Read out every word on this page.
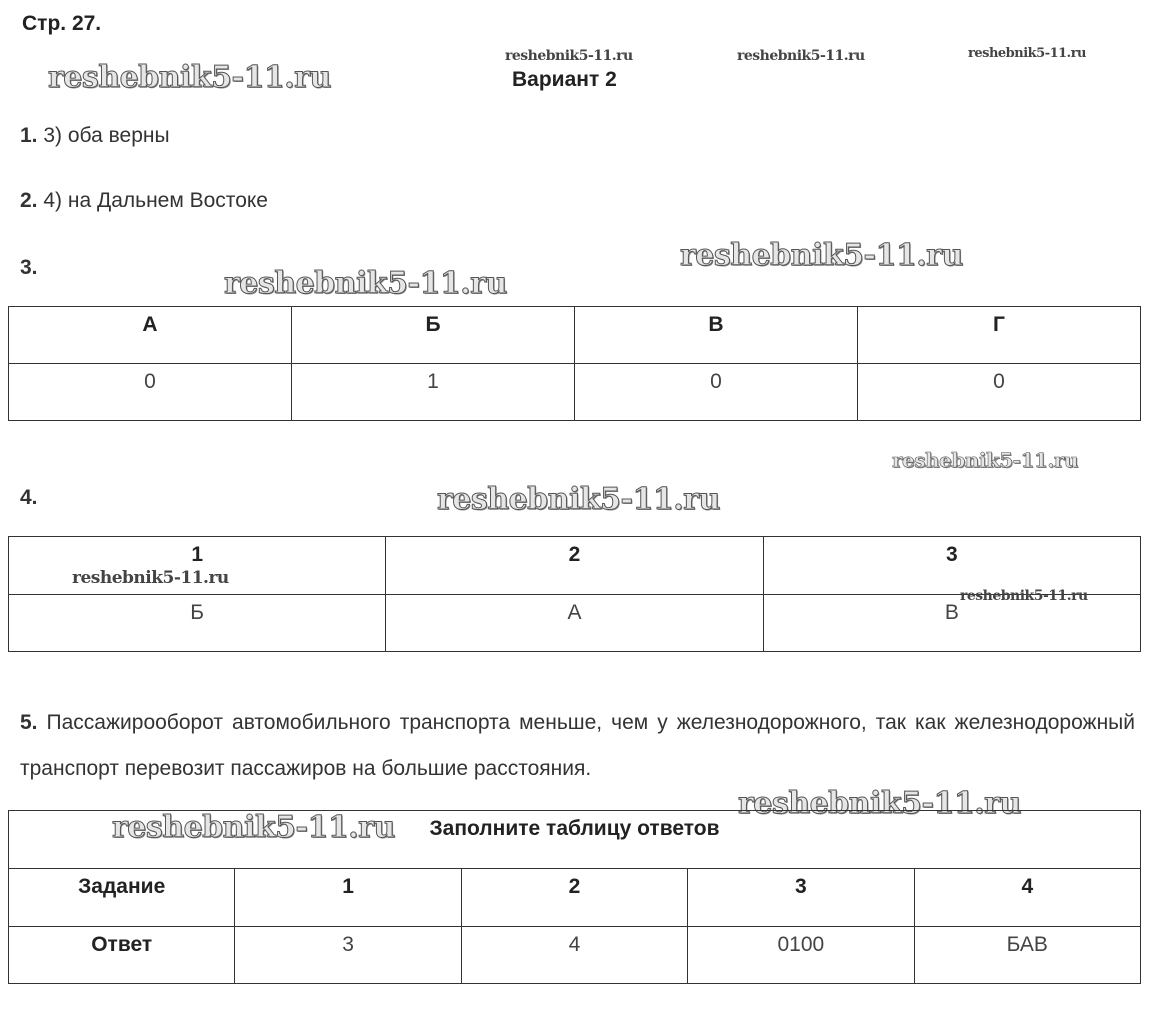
Стр. 27.
Вариант 2
reshebnik5-11.ru
reshebnik5-11.ru	reshebnik5-11.ru	reshebnik5-11.ru
reshebnik5-11.ru
reshebnik5-11.ru
reshebnik5-11.ru
reshebnik5-11.ru
reshebnik5-11.ru
1. 3) оба верны
2. 4) на Дальнем Востоке
3.
А	Б	В	Г
0	1	0	0
4.
1	2	3
Б	А	В
reshebnik5-11.ru
reshebnik5-11.ru
5. Пассажирооборот автомобильного транспорта меньше, чем у железнодорожного, так как железнодорожный транспорт перевозит пассажиров на большие расстояния.
Заполните таблицу ответов				
Задание	1	2	3	4
Ответ	3	4	0100	БАВ
reshebnik5-11.ru
